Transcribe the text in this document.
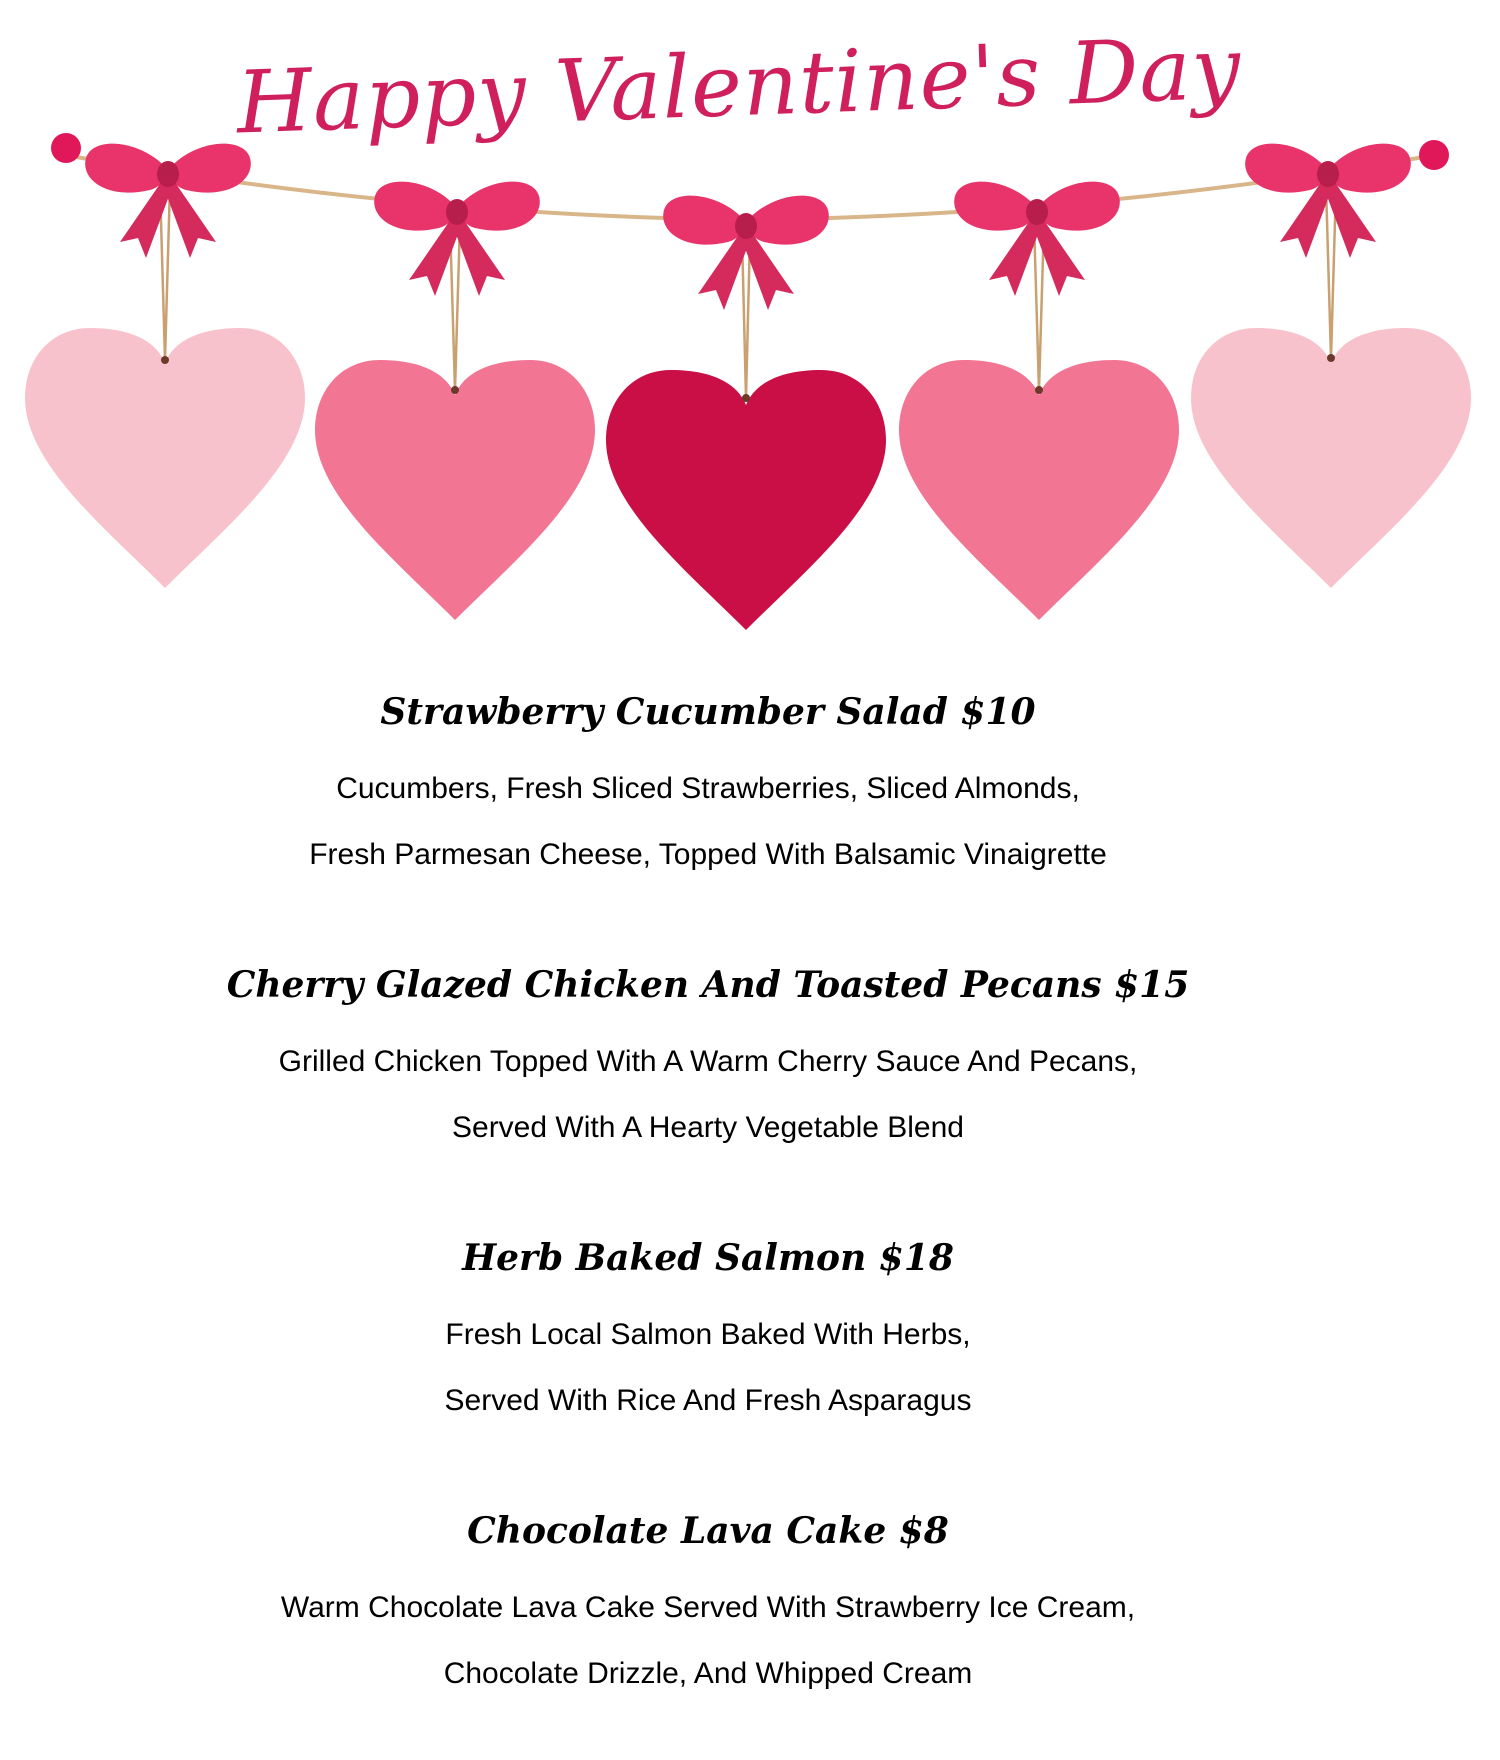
Happy Valentine's Day
Strawberry Cucumber Salad $10

Cucumbers, Fresh Sliced Strawberries, Sliced Almonds,

Fresh Parmesan Cheese, Topped With Balsamic Vinaigrette

Cherry Glazed Chicken And Toasted Pecans $15

Grilled Chicken Topped With A Warm Cherry Sauce And Pecans,

Served With A Hearty Vegetable Blend

Herb Baked Salmon $18

Fresh Local Salmon Baked With Herbs,

Served With Rice And Fresh Asparagus

Chocolate Lava Cake $8

Warm Chocolate Lava Cake Served With Strawberry Ice Cream,

Chocolate Drizzle, And Whipped Cream
